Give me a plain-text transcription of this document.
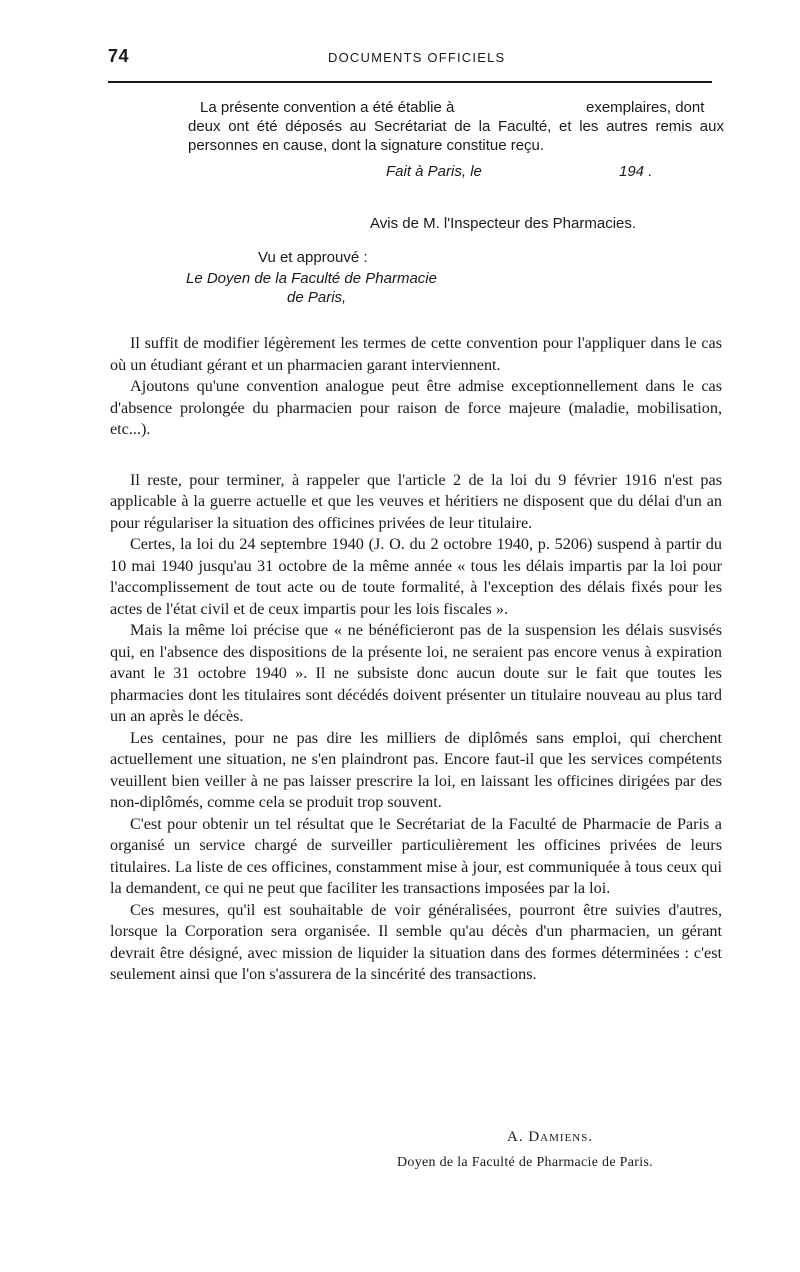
74	DOCUMENTS OFFICIELS
La présente convention a été établie à	exemplaires, dont
deux ont été déposés au Secrétariat de la Faculté, et les autres remis aux personnes en cause, dont la signature constitue reçu.
Fait à Paris, le	194 .
Avis de M. l'Inspecteur des Pharmacies.
Vu et approuvé :
Le Doyen de la Faculté de Pharmacie
de Paris,

Il suffit de modifier légèrement les termes de cette convention pour l'appliquer dans le cas où un étudiant gérant et un pharmacien garant interviennent.

Ajoutons qu'une convention analogue peut être admise exceptionnellement dans le cas d'absence prolongée du pharmacien pour raison de force majeure (maladie, mobilisation, etc...).

Il reste, pour terminer, à rappeler que l'article 2 de la loi du 9 février 1916 n'est pas applicable à la guerre actuelle et que les veuves et héritiers ne disposent que du délai d'un an pour régulariser la situation des officines privées de leur titulaire.

Certes, la loi du 24 septembre 1940 (J. O. du 2 octobre 1940, p. 5206) suspend à partir du 10 mai 1940 jusqu'au 31 octobre de la même année « tous les délais impartis par la loi pour l'accomplissement de tout acte ou de toute formalité, à l'exception des délais fixés pour les actes de l'état civil et de ceux impartis pour les lois fiscales ».

Mais la même loi précise que « ne bénéficieront pas de la suspension les délais susvisés qui, en l'absence des dispositions de la présente loi, ne seraient pas encore venus à expiration avant le 31 octobre 1940 ». Il ne subsiste donc aucun doute sur le fait que toutes les pharmacies dont les titulaires sont décédés doivent présenter un titulaire nouveau au plus tard un an après le décès.

Les centaines, pour ne pas dire les milliers de diplômés sans emploi, qui cherchent actuellement une situation, ne s'en plaindront pas. Encore faut-il que les services compétents veuillent bien veiller à ne pas laisser prescrire la loi, en laissant les officines dirigées par des non-diplômés, comme cela se produit trop souvent.

C'est pour obtenir un tel résultat que le Secrétariat de la Faculté de Pharmacie de Paris a organisé un service chargé de surveiller particulièrement les officines privées de leurs titulaires. La liste de ces officines, constamment mise à jour, est communiquée à tous ceux qui la demandent, ce qui ne peut que faciliter les transactions imposées par la loi.

Ces mesures, qu'il est souhaitable de voir généralisées, pourront être suivies d'autres, lorsque la Corporation sera organisée. Il semble qu'au décès d'un pharmacien, un gérant devrait être désigné, avec mission de liquider la situation dans des formes déterminées : c'est seulement ainsi que l'on s'assurera de la sincérité des transactions.

A. Damiens.
Doyen de la Faculté de Pharmacie de Paris.
